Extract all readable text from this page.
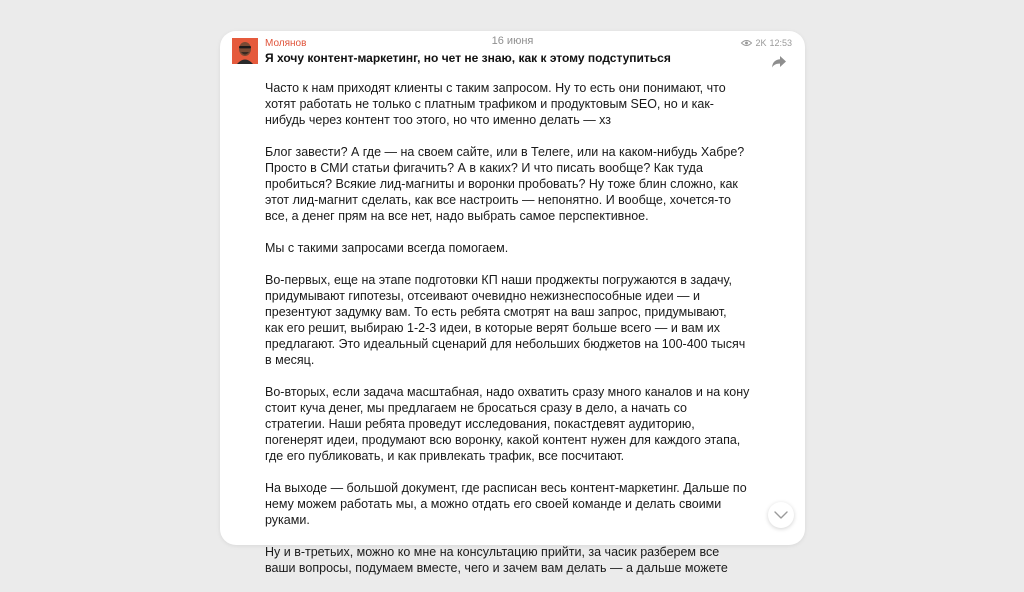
Молянов	16 июня	2K 12:53
Я хочу контент-маркетинг, но чет не знаю, как к этому подступиться

Часто к нам приходят клиенты с таким запросом. Ну то есть они понимают, что
хотят работать не только с платным трафиком и продуктовым SEO, но и как-
нибудь через контент тоо этого, но что именно делать — хз

Блог завести? А где — на своем сайте, или в Телеге, или на каком-нибудь Хабре?
Просто в СМИ статьи фигачить? А в каких? И что писать вообще? Как туда
пробиться? Всякие лид-магниты и воронки пробовать? Ну тоже блин сложно, как
этот лид-магнит сделать, как все настроить — непонятно. И вообще, хочется-то
все, а денег прям на все нет, надо выбрать самое перспективное.

Мы с такими запросами всегда помогаем.

Во-первых, еще на этапе подготовки КП наши проджекты погружаются в задачу,
придумывают гипотезы, отсеивают очевидно нежизнеспособные идеи — и
презентуют задумку вам. То есть ребята смотрят на ваш запрос, придумывают,
как его решит, выбираю 1-2-3 идеи, в которые верят больше всего — и вам их
предлагают. Это идеальный сценарий для небольших бюджетов на 100-400 тысяч
в месяц.

Во-вторых, если задача масштабная, надо охватить сразу много каналов и на кону
стоит куча денег, мы предлагаем не бросаться сразу в дело, а начать со
стратегии. Наши ребята проведут исследования, покастдевят аудиторию,
погенерят идеи, продумают всю воронку, какой контент нужен для каждого этапа,
где его публиковать, и как привлекать трафик, все посчитают.

На выходе — большой документ, где расписан весь контент-маркетинг. Дальше по
нему можем работать мы, а можно отдать его своей команде и делать своими
руками.

Ну и в-третьих, можно ко мне на консультацию прийти, за часик разберем все
ваши вопросы, подумаем вместе, чего и зачем вам делать — а дальше можете
